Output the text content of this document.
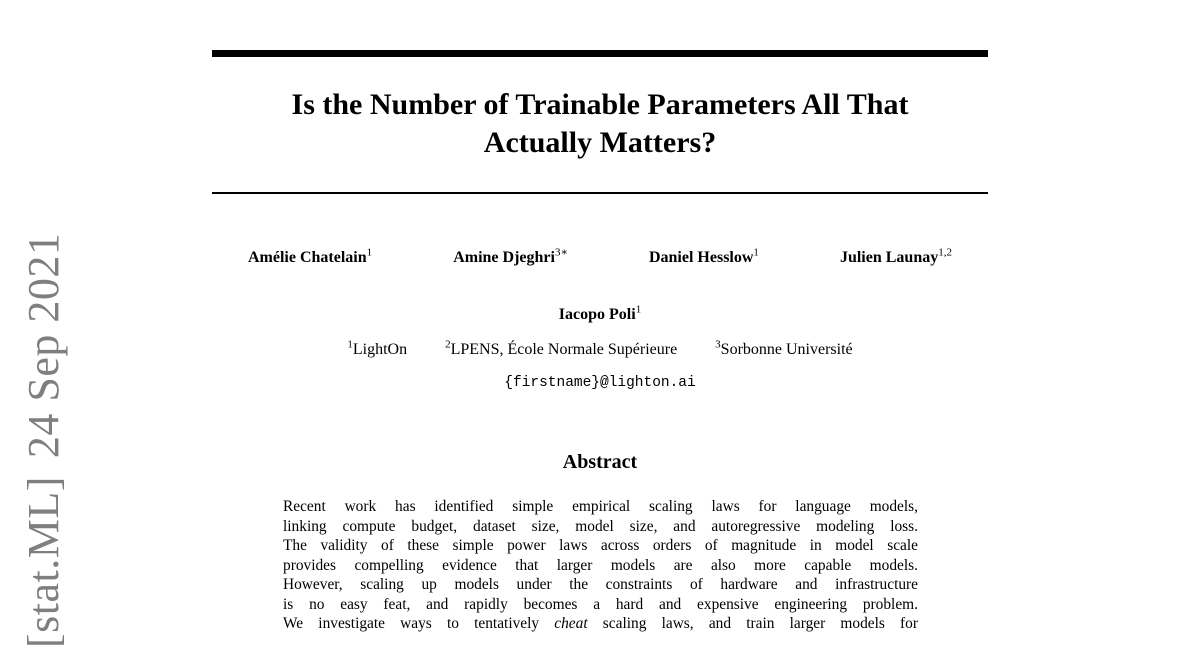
[stat.ML]24 Sep 2021
Is the Number of Trainable Parameters All That
Actually Matters?
Amélie Chatelain$^1$	Amine Djeghri$^{3∗}$	Daniel Hesslow$^1$	Julien Launay$^{1,2}$
Iacopo Poli$^1$
$^1$LightOn	$^2$LPENS, École Normale Supérieure	$^3$Sorbonne Université
{firstname}@lighton.ai
Abstract
Recent work has identified simple empirical scaling laws for language models,
linking compute budget, dataset size, model size, and autoregressive modeling loss.
The validity of these simple power laws across orders of magnitude in model scale
provides compelling evidence that larger models are also more capable models.
However, scaling up models under the constraints of hardware and infrastructure
is no easy feat, and rapidly becomes a hard and expensive engineering problem.
We investigate ways to tentatively cheat scaling laws, and train larger models for
